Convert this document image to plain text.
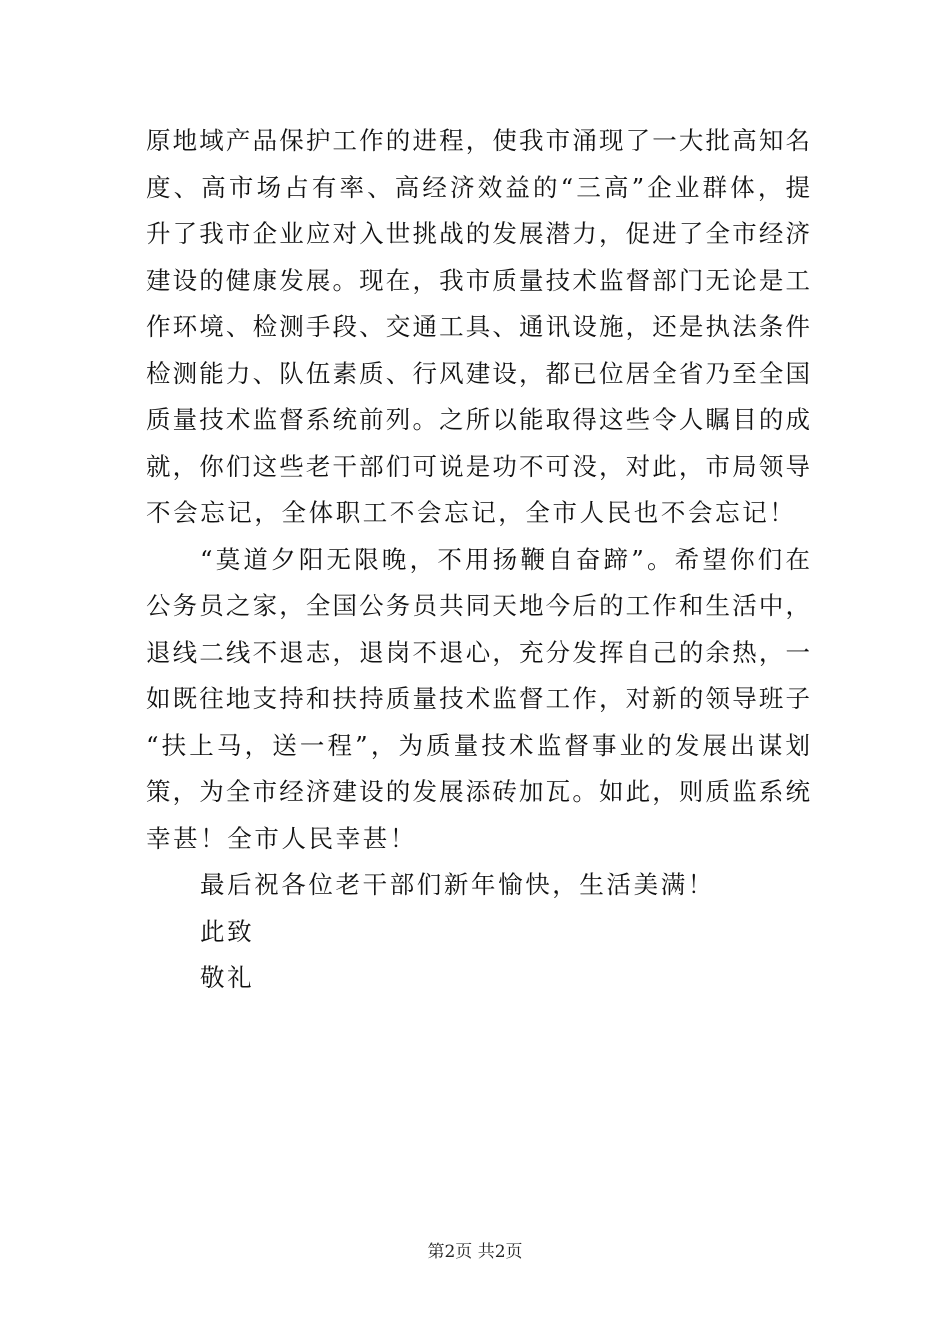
原地域产品保护工作的进程，使我市涌现了一大批高知名
度、高市场占有率、高经济效益的“三高”企业群体，提
升了我市企业应对入世挑战的发展潜力，促进了全市经济
建设的健康发展。现在，我市质量技术监督部门无论是工
作环境、检测手段、交通工具、通讯设施，还是执法条件
检测能力、队伍素质、行风建设，都已位居全省乃至全国
质量技术监督系统前列。之所以能取得这些令人瞩目的成
就，你们这些老干部们可说是功不可没，对此，市局领导
不会忘记，全体职工不会忘记，全市人民也不会忘记！
“莫道夕阳无限晚，不用扬鞭自奋蹄”。希望你们在
公务员之家，全国公务员共同天地今后的工作和生活中，
退线二线不退志，退岗不退心，充分发挥自己的余热，一
如既往地支持和扶持质量技术监督工作，对新的领导班子
“扶上马，送一程”，为质量技术监督事业的发展出谋划
策，为全市经济建设的发展添砖加瓦。如此，则质监系统
幸甚！全市人民幸甚！
最后祝各位老干部们新年愉快，生活美满！
此致
敬礼
第2页 共2页
